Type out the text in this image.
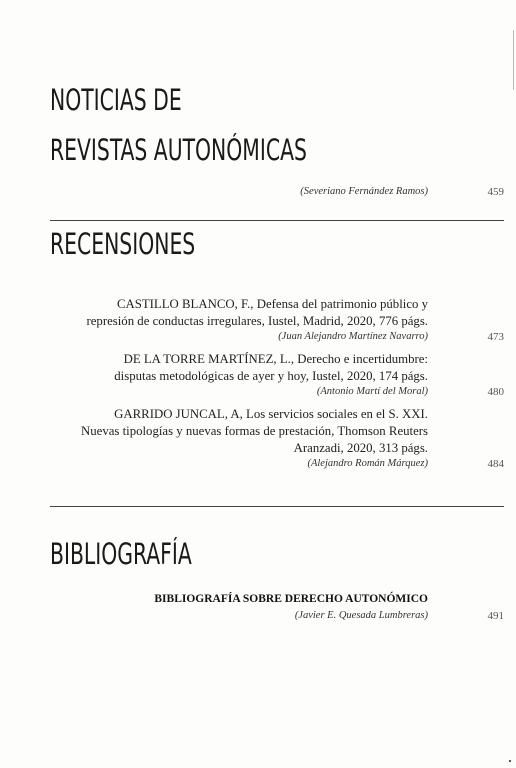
NOTICIAS DE
REVISTAS AUTONÓMICAS
(Severiano Fernández Ramos)	459
RECENSIONES
CASTILLO BLANCO, F., Defensa del patrimonio público y
represión de conductas irregulares, Iustel, Madrid, 2020, 776 págs.
(Juan Alejandro Martínez Navarro)	473
DE LA TORRE MARTÍNEZ, L., Derecho e incertidumbre:
disputas metodológicas de ayer y hoy, Iustel, 2020, 174 págs.
(Antonio Martí del Moral)	480
GARRIDO JUNCAL, A, Los servicios sociales en el S. XXI.
Nuevas tipologías y nuevas formas de prestación, Thomson Reuters
Aranzadi, 2020, 313 págs.
(Alejandro Román Márquez)	484
BIBLIOGRAFÍA
BIBLIOGRAFÍA SOBRE DERECHO AUTONÓMICO
(Javier E. Quesada Lumbreras)	491
